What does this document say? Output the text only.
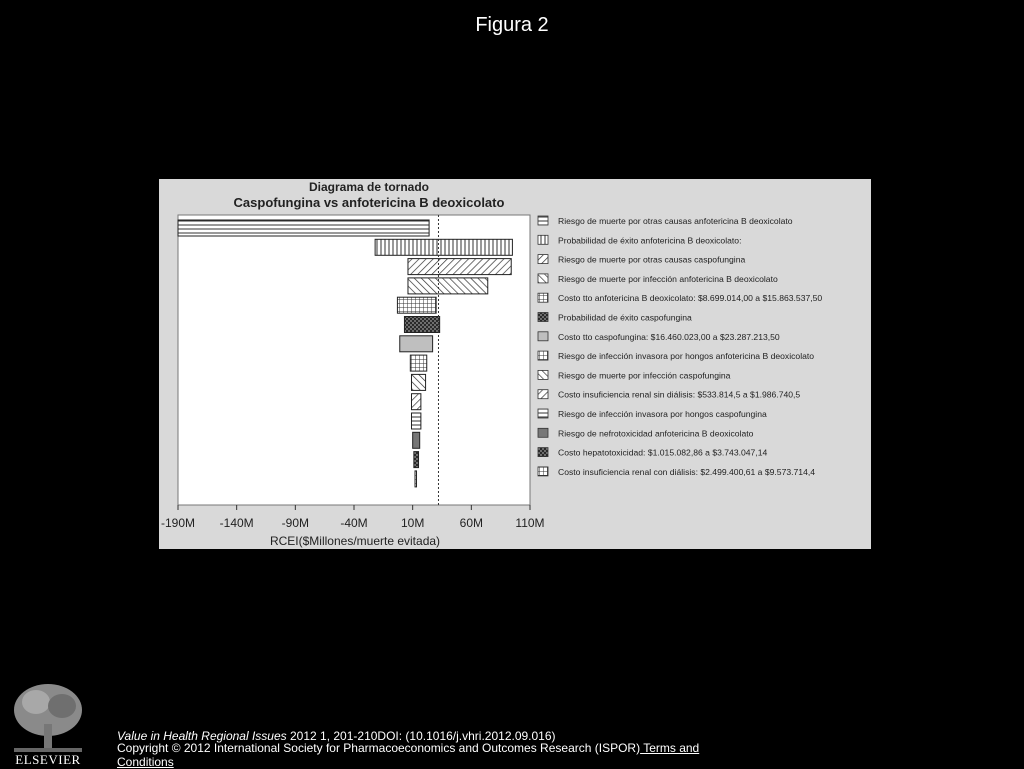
Figura 2
Diagrama de tornado
Caspofungina vs anfotericina B deoxicolato
-190M -140M -90M	-40M	10M	60M	110M
RCEI($Millones/muerte evitada)
Riesgo de muerte por otras causas anfotericina B deoxicolato
Probabilidad de éxito anfotericina B deoxicolato:
Riesgo de muerte por otras causas caspofungina
Riesgo de muerte por infección anfotericina B deoxicolato
Costo tto anfotericina B deoxicolato: $8.699.014,00 a $15.863.537,50
Probabilidad de éxito caspofungina
Costo tto caspofungina: $16.460.023,00 a $23.287.213,50
Riesgo de infección invasora por hongos anfotericina B deoxicolato
Riesgo de muerte por infección caspofungina
Costo insuficiencia renal sin diálisis: $533.814,5 a $1.986.740,5
Riesgo de infección invasora por hongos caspofungina
Riesgo de nefrotoxicidad anfotericina B deoxicolato
Costo hepatotoxicidad: $1.015.082,86 a $3.743.047,14
Costo insuficiencia renal con diálisis: $2.499.400,61 a $9.573.714,4
ELSEVIER
Value in Health Regional Issues 2012 1, 201-210DOI: (10.1016/j.vhri.2012.09.016)
Copyright © 2012 International Society for Pharmacoeconomics and Outcomes Research (ISPOR) Terms and Conditions
